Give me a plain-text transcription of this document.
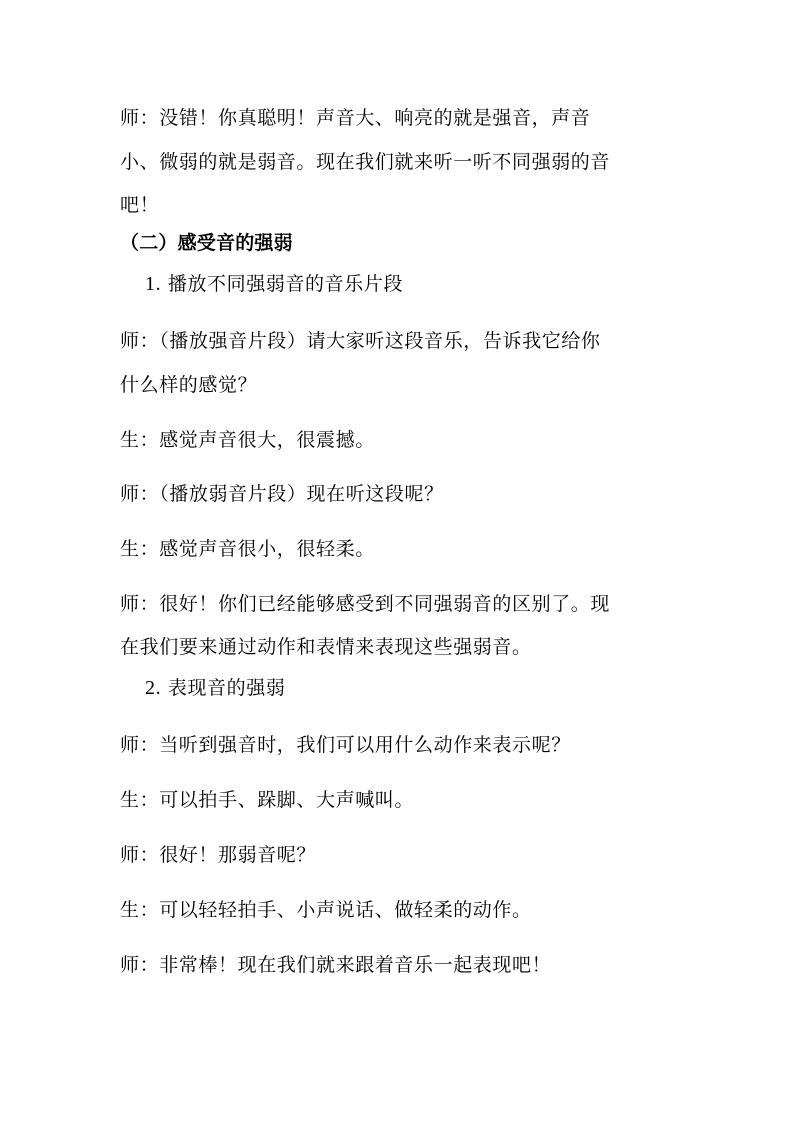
师：没错！你真聪明！声音大、响亮的就是强音，声音
小、微弱的就是弱音。现在我们就来听一听不同强弱的音
吧！
（二）感受音的强弱
1. 播放不同强弱音的音乐片段
师：（播放强音片段）请大家听这段音乐，告诉我它给你
什么样的感觉？
生：感觉声音很大，很震撼。
师：（播放弱音片段）现在听这段呢？
生：感觉声音很小，很轻柔。
师：很好！你们已经能够感受到不同强弱音的区别了。现
在我们要来通过动作和表情来表现这些强弱音。
2. 表现音的强弱
师：当听到强音时，我们可以用什么动作来表示呢？
生：可以拍手、跺脚、大声喊叫。
师：很好！那弱音呢？
生：可以轻轻拍手、小声说话、做轻柔的动作。
师：非常棒！现在我们就来跟着音乐一起表现吧！
